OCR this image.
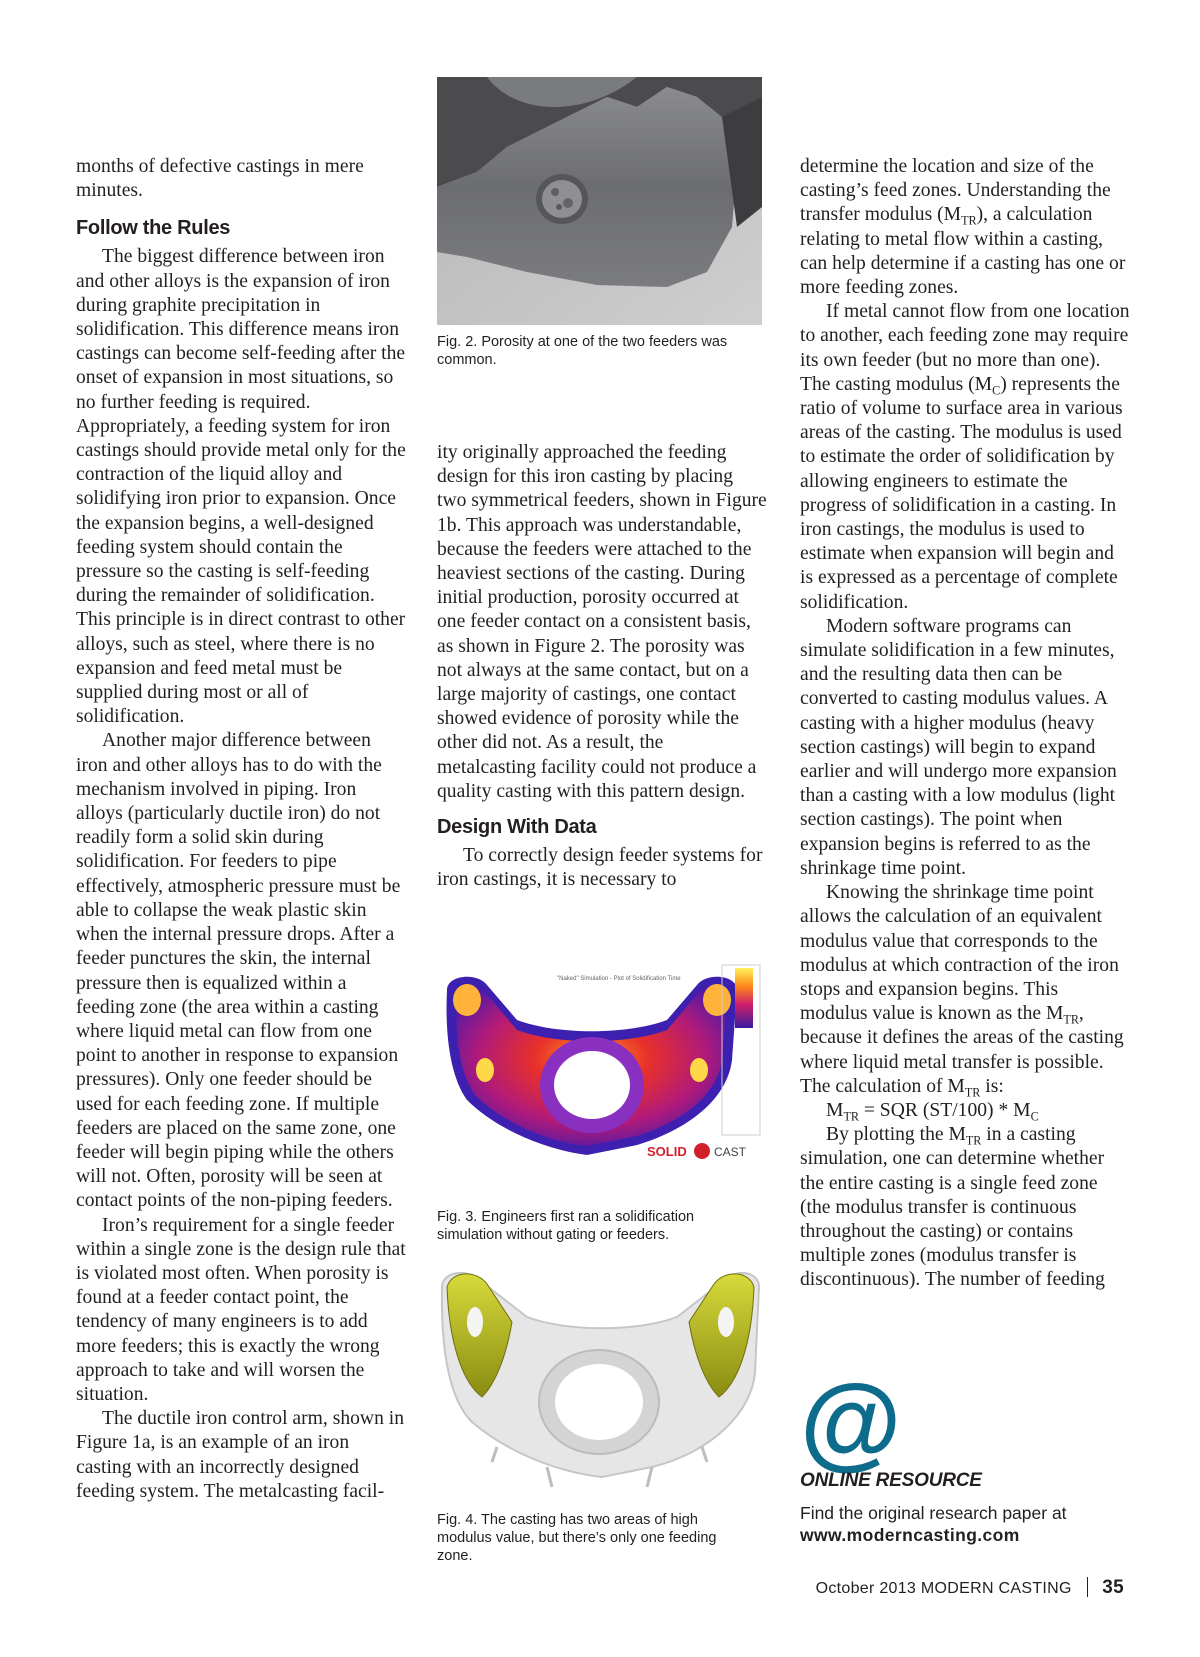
months of defective castings in mere minutes.

Follow the Rules

The biggest difference between iron and other alloys is the expansion of iron during graphite precipitation in solidification. This difference means iron castings can become self-feeding after the onset of expansion in most situations, so no further feeding is required. Appropriately, a feeding system for iron castings should provide metal only for the contraction of the liquid alloy and solidifying iron prior to expansion. Once the expansion begins, a well-designed feeding system should contain the pressure so the casting is self-feeding during the remainder of solidification. This principle is in direct contrast to other alloys, such as steel, where there is no expansion and feed metal must be supplied during most or all of solidification.

Another major difference between iron and other alloys has to do with the mechanism involved in piping. Iron alloys (particularly ductile iron) do not readily form a solid skin during solidification. For feeders to pipe effectively, atmospheric pressure must be able to collapse the weak plastic skin when the internal pressure drops. After a feeder punctures the skin, the internal pressure then is equalized within a feeding zone (the area within a casting where liquid metal can flow from one point to another in response to expansion pressures). Only one feeder should be used for each feeding zone. If multiple feeders are placed on the same zone, one feeder will begin piping while the others will not. Often, porosity will be seen at contact points of the non-piping feeders.

Iron’s requirement for a single feeder within a single zone is the design rule that is violated most often. When porosity is found at a feeder contact point, the tendency of many engineers is to add more feeders; this is exactly the wrong approach to take and will worsen the situation.

The ductile iron control arm, shown in Figure 1a, is an example of an iron casting with an incorrectly designed feeding system. The metalcasting facil-

Fig. 2. Porosity at one of the two feeders was common.

ity originally approached the feeding design for this iron casting by placing two symmetrical feeders, shown in Figure 1b. This approach was understandable, because the feeders were attached to the heaviest sections of the casting. During initial production, porosity occurred at one feeder contact on a consistent basis, as shown in Figure 2. The porosity was not always at the same contact, but on a large majority of castings, one contact showed evidence of porosity while the other did not. As a result, the metalcasting facility could not produce a quality casting with this pattern design.

Design With Data

To correctly design feeder systems for iron castings, it is necessary to

"Naked" Simulation - Plot of Solidification Time
SOLID CAST
Fig. 3. Engineers first ran a solidification simulation without gating or feeders.
Fig. 4. The casting has two areas of high modulus value, but there’s only one feeding zone.

determine the location and size of the casting’s feed zones. Understanding the transfer modulus $(M_{TR})$, a calculation relating to metal flow within a casting, can help determine if a casting has one or more feeding zones.

If metal cannot flow from one location to another, each feeding zone may require its own feeder (but no more than one). The casting modulus $(M_C)$ represents the ratio of volume to surface area in various areas of the casting. The modulus is used to estimate the order of solidification by allowing engineers to estimate the progress of solidification in a casting. In iron castings, the modulus is used to estimate when expansion will begin and is expressed as a percentage of complete solidification.

Modern software programs can simulate solidification in a few minutes, and the resulting data then can be converted to casting modulus values. A casting with a higher modulus (heavy section castings) will begin to expand earlier and will undergo more expansion than a casting with a low modulus (light section castings). The point when expansion begins is referred to as the shrinkage time point.

Knowing the shrinkage time point allows the calculation of an equivalent modulus value that corresponds to the modulus at which contraction of the iron stops and expansion begins. This modulus value is known as the $M_{TR}$, because it defines the areas of the casting where liquid metal transfer is possible. The calculation of $M_{TR}$ is:

$M_{TR}$ = SQR $(ST/100) * M_C$

By plotting the $M_{TR}$ in a casting simulation, one can determine whether the entire casting is a single feed zone (the modulus transfer is continuous throughout the casting) or contains multiple zones (modulus transfer is discontinuous). The number of feeding

@
ONLINE RESOURCE
Find the original research paper at
www.moderncasting.com
October 2013 MODERN CASTING 35
